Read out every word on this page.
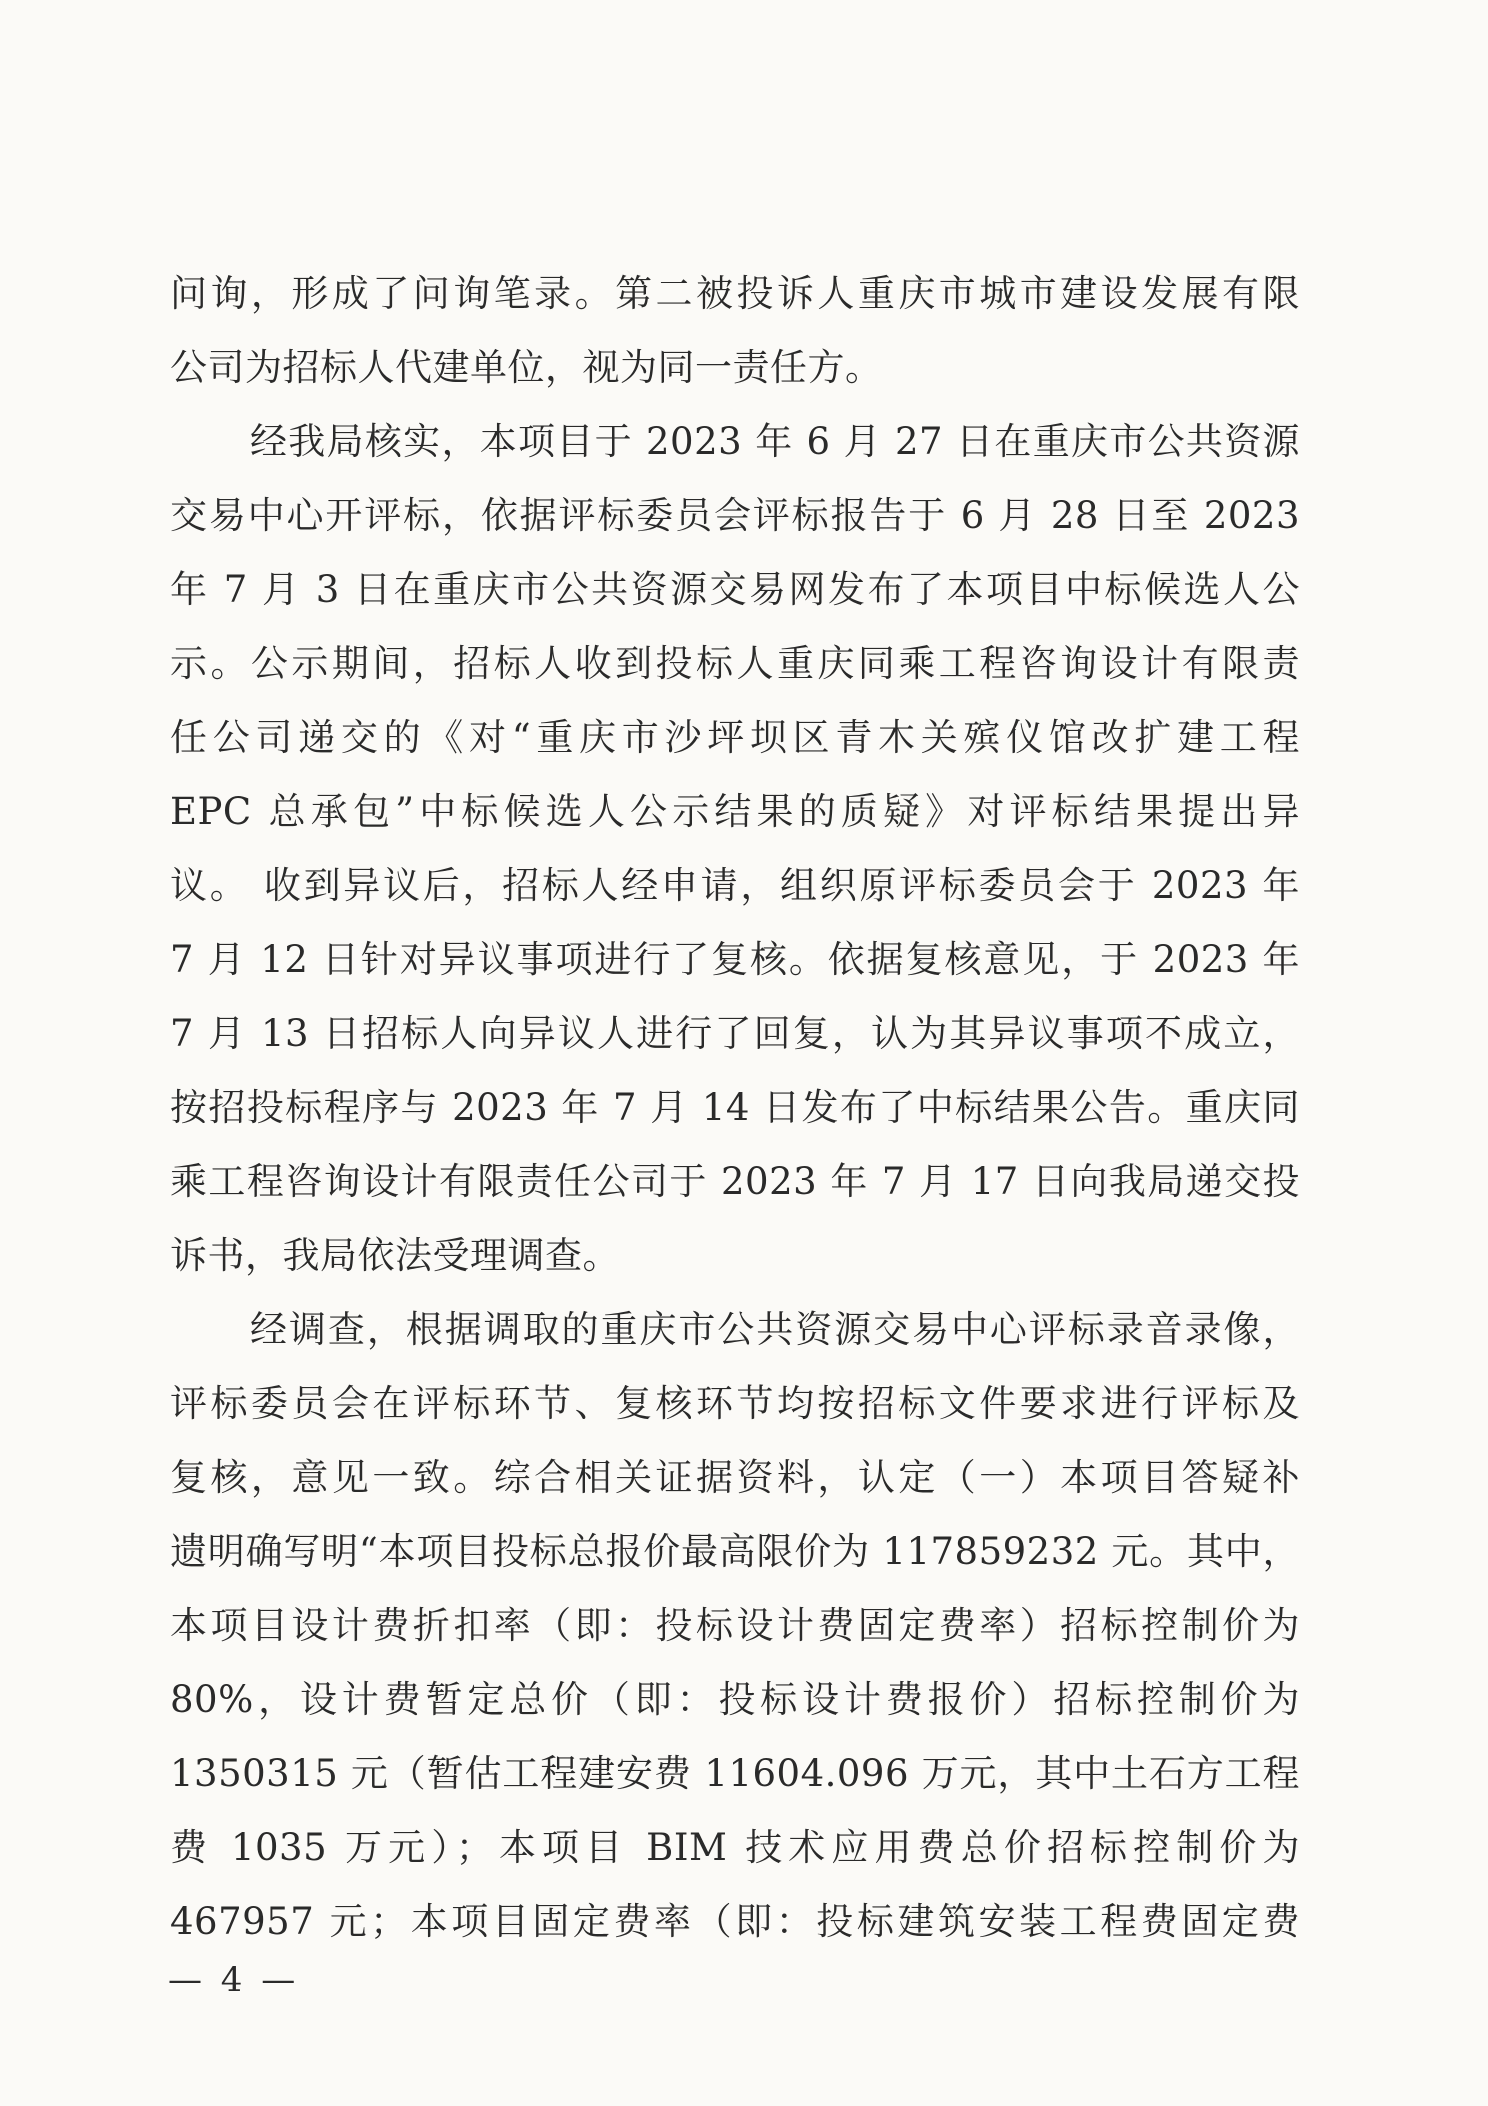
问询，形成了问询笔录。第二被投诉人重庆市城市建设发展有限
公司为招标人代建单位，视为同一责任方。
经我局核实，本项目于 2023 年 6 月 27 日在重庆市公共资源
交易中心开评标，依据评标委员会评标报告于 6 月 28 日至 2023
年 7 月 3 日在重庆市公共资源交易网发布了本项目中标候选人公
示。公示期间，招标人收到投标人重庆同乘工程咨询设计有限责
任公司递交的《对“重庆市沙坪坝区青木关殡仪馆改扩建工程
EPC 总承包”中标候选人公示结果的质疑》对评标结果提出异
议。 收到异议后，招标人经申请，组织原评标委员会于 2023 年
7 月 12 日针对异议事项进行了复核。依据复核意见，于 2023 年
7 月 13 日招标人向异议人进行了回复，认为其异议事项不成立，
按招投标程序与 2023 年 7 月 14 日发布了中标结果公告。重庆同
乘工程咨询设计有限责任公司于 2023 年 7 月 17 日向我局递交投
诉书，我局依法受理调查。
经调查，根据调取的重庆市公共资源交易中心评标录音录像，
评标委员会在评标环节、复核环节均按招标文件要求进行评标及
复核，意见一致。综合相关证据资料，认定（一）本项目答疑补
遗明确写明“本项目投标总报价最高限价为 117859232 元。其中，
本项目设计费折扣率（即：投标设计费固定费率）招标控制价为
80%，设计费暂定总价（即：投标设计费报价）招标控制价为
1350315 元（暂估工程建安费 11604.096 万元，其中土石方工程
费 1035 万元）；本项目 BIM 技术应用费总价招标控制价为
467957 元；本项目固定费率（即：投标建筑安装工程费固定费
— 4 —
